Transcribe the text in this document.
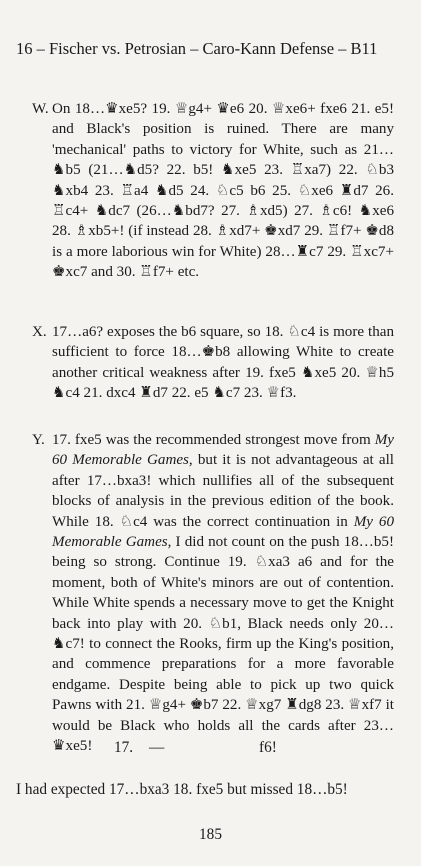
16 – Fischer vs. Petrosian – Caro-Kann Defense – B11

W. On 18…♛xe5? 19. ♕g4+ ♛e6 20. ♕xe6+ fxe6 21. e5! and Black's position is ruined. There are many 'mechanical' paths to victory for White, such as 21…♞b5 (21…♞d5? 22. b5! ♞xe5 23. ♖xa7) 22. ♘b3 ♞xb4 23. ♖a4 ♞d5 24. ♘c5 b6 25. ♘xe6 ♜d7 26. ♖c4+ ♞dc7 (26…♞bd7? 27. ♗xd5) 27. ♗c6! ♞xe6 28. ♗xb5+! (if instead 28. ♗xd7+ ♚xd7 29. ♖f7+ ♚d8 is a more laborious win for White) 28…♜c7 29. ♖xc7+ ♚xc7 and 30. ♖f7+ etc.

X. 17…a6? exposes the b6 square, so 18. ♘c4 is more than sufficient to force 18…♚b8 allowing White to create another critical weakness after 19. fxe5 ♞xe5 20. ♕h5 ♞c4 21. dxc4 ♜d7 22. e5 ♞c7 23. ♕f3.

Y. 17. fxe5 was the recommended strongest move from My 60 Memorable Games, but it is not advantageous at all after 17…bxa3! which nullifies all of the subsequent blocks of analysis in the previous edition of the book. While 18. ♘c4 was the correct continuation in My 60 Memorable Games, I did not count on the push 18…b5! being so strong. Continue 19. ♘xa3 a6 and for the moment, both of White's minors are out of contention. While White spends a necessary move to get the Knight back into play with 20. ♘b1, Black needs only 20…♞c7! to connect the Rooks, firm up the King's position, and commence preparations for a more favorable endgame. Despite being able to pick up two quick Pawns with 21. ♕g4+ ♚b7 22. ♕xg7 ♜dg8 23. ♕xf7 it would be Black who holds all the cards after 23…♛xe5!	17. —	f6!
I had expected 17…bxa3 18. fxe5 but missed 18…b5!
185
